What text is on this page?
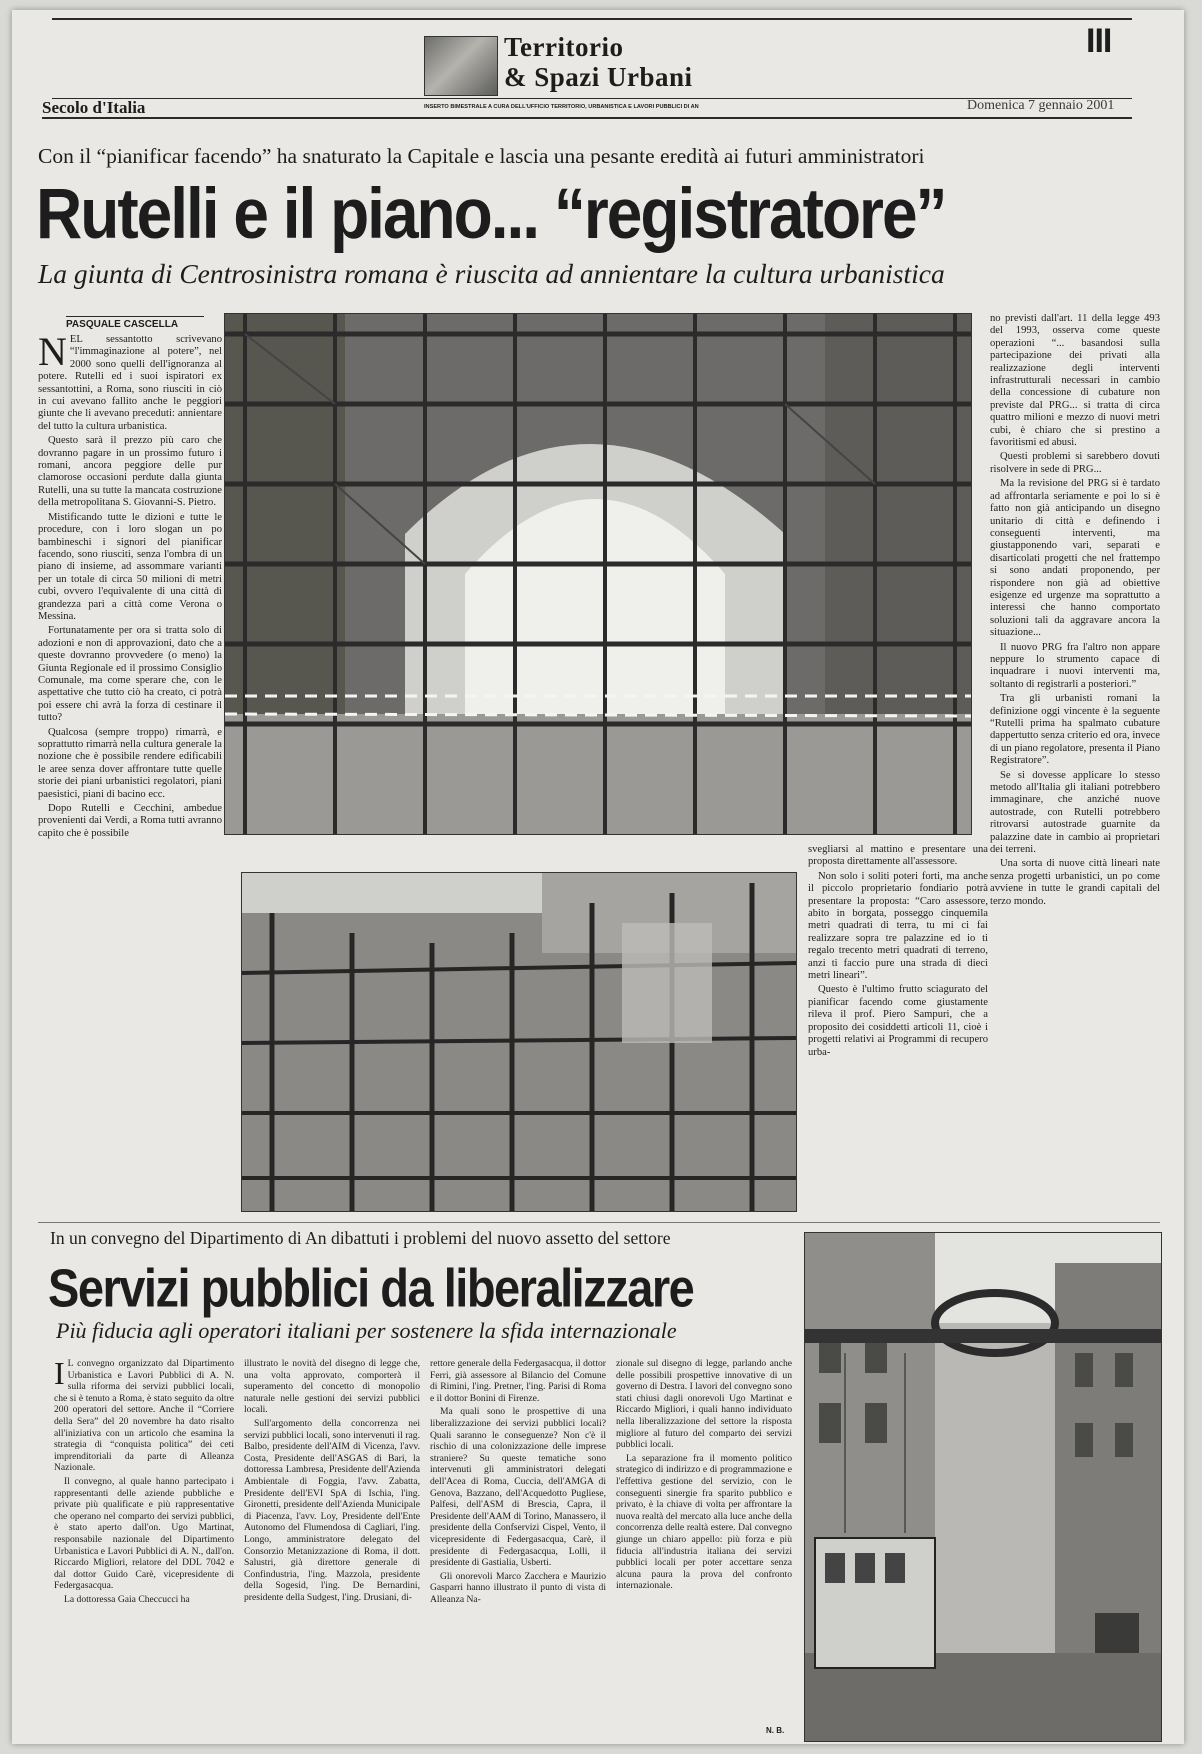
Territorio
& Spazi Urbani
III
Secolo d'Italia	INSERTO BIMESTRALE A CURA DELL'UFFICIO TERRITORIO, URBANISTICA E LAVORI PUBBLICI DI AN	Domenica 7 gennaio 2001
Con il “pianificar facendo” ha snaturato la Capitale e lascia una pesante eredità ai futuri amministratori
Rutelli e il piano... “registratore”
La giunta di Centrosinistra romana è riuscita ad annientare la cultura urbanistica
PASQUALE CASCELLA

NEL sessantotto scrivevano “l'immaginazione al potere”, nel 2000 sono quelli dell'ignoranza al potere. Rutelli ed i suoi ispiratori ex sessantottini, a Roma, sono riusciti in ciò in cui avevano fallito anche le peggiori giunte che li avevano preceduti: annientare del tutto la cultura urbanistica.

Questo sarà il prezzo più caro che dovranno pagare in un prossimo futuro i romani, ancora peggiore delle pur clamorose occasioni perdute dalla giunta Rutelli, una su tutte la mancata costruzione della metropolitana S. Giovanni-S. Pietro.

Mistificando tutte le dizioni e tutte le procedure, con i loro slogan un po bambineschi i signori del pianificar facendo, sono riusciti, senza l'ombra di un piano di insieme, ad assommare varianti per un totale di circa 50 milioni di metri cubi, ovvero l'equivalente di una città di grandezza pari a città come Verona o Messina.

Fortunatamente per ora si tratta solo di adozioni e non di approvazioni, dato che a queste dovranno provvedere (o meno) la Giunta Regionale ed il prossimo Consiglio Comunale, ma come sperare che, con le aspettative che tutto ciò ha creato, ci potrà poi essere chi avrà la forza di cestinare il tutto?

Qualcosa (sempre troppo) rimarrà, e soprattutto rimarrà nella cultura generale la nozione che è possibile rendere edificabili le aree senza dover affrontare tutte quelle storie dei piani urbanistici regolatori, piani paesistici, piani di bacino ecc.

Dopo Rutelli e Cecchini, ambedue provenienti dai Verdi, a Roma tutti avranno capito che è possibile

svegliarsi al mattino e presentare una proposta direttamente all'assessore.

Non solo i soliti poteri forti, ma anche il piccolo proprietario fondiario potrà presentare la proposta: “Caro assessore, abito in borgata, posseggo cinquemila metri quadrati di terra, tu mi ci fai realizzare sopra tre palazzine ed io ti regalo trecento metri quadrati di terreno, anzi ti faccio pure una strada di dieci metri lineari”.

Questo è l'ultimo frutto sciagurato del pianificar facendo come giustamente rileva il prof. Piero Sampuri, che a proposito dei cosiddetti articoli 11, cioè i progetti relativi ai Programmi di recupero urba-

no previsti dall'art. 11 della legge 493 del 1993, osserva come queste operazioni “... basandosi sulla partecipazione dei privati alla realizzazione degli interventi infrastrutturali necessari in cambio della concessione di cubature non previste dal PRG... si tratta di circa quattro milioni e mezzo di nuovi metri cubi, è chiaro che si prestino a favoritismi ed abusi.

Questi problemi si sarebbero dovuti risolvere in sede di PRG...

Ma la revisione del PRG si è tardato ad affrontarla seriamente e poi lo si è fatto non già anticipando un disegno unitario di città e definendo i conseguenti interventi, ma giustapponendo vari, separati e disarticolati progetti che nel frattempo si sono andati proponendo, per rispondere non già ad obiettive esigenze ed urgenze ma soprattutto a interessi che hanno comportato soluzioni tali da aggravare ancora la situazione...

Il nuovo PRG fra l'altro non appare neppure lo strumento capace di inquadrare i nuovi interventi ma, soltanto di registrarli a posteriori.”

Tra gli urbanisti romani la definizione oggi vincente è la seguente “Rutelli prima ha spalmato cubature dappertutto senza criterio ed ora, invece di un piano regolatore, presenta il Piano Registratore”.

Se si dovesse applicare lo stesso metodo all'Italia gli italiani potrebbero immaginare, che anziché nuove autostrade, con Rutelli potrebbero ritrovarsi autostrade guarnite da palazzine date in cambio ai proprietari dei terreni.

Una sorta di nuove città lineari nate senza progetti urbanistici, un po come avviene in tutte le grandi capitali del terzo mondo.

In un convegno del Dipartimento di An dibattuti i problemi del nuovo assetto del settore
Servizi pubblici da liberalizzare
Più fiducia agli operatori italiani per sostenere la sfida internazionale

I L convegno organizzato dal Dipartimento Urbanistica e Lavori Pubblici di A. N. sulla riforma dei servizi pubblici locali, che si è tenuto a Roma, è stato seguito da oltre 200 operatori del settore. Anche il “Corriere della Sera” del 20 novembre ha dato risalto all'iniziativa con un articolo che esamina la strategia di “conquista politica” dei ceti imprenditoriali da parte di Alleanza Nazionale.

Il convegno, al quale hanno partecipato i rappresentanti delle aziende pubbliche e private più qualificate e più rappresentative che operano nel comparto dei servizi pubblici, è stato aperto dall'on. Ugo Martinat, responsabile nazionale del Dipartimento Urbanistica e Lavori Pubblici di A. N., dall'on. Riccardo Migliori, relatore del DDL 7042 e dal dottor Guido Carè, vicepresidente di Federgasacqua.

La dottoressa Gaia Checcucci ha

illustrato le novità del disegno di legge che, una volta approvato, comporterà il superamento del concetto di monopolio naturale nelle gestioni dei servizi pubblici locali.

Sull'argomento della concorrenza nei servizi pubblici locali, sono intervenuti il rag. Balbo, presidente dell'AIM di Vicenza, l'avv. Costa, Presidente dell'ASGAS di Bari, la dottoressa Lambresa, Presidente dell'Azienda Ambientale di Foggia, l'avv. Zabatta, Presidente dell'EVI SpA di Ischia, l'ing. Gironetti, presidente dell'Azienda Municipale di Piacenza, l'avv. Loy, Presidente dell'Ente Autonomo del Flumendosa di Cagliari, l'ing. Longo, amministratore delegato del Consorzio Metanizzazione di Roma, il dott. Salustri, già direttore generale di Confindustria, l'ing. Mazzola, presidente della Sogesid, l'ing. De Bernardini, presidente della Sudgest, l'ing. Drusiani, di-

rettore generale della Federgasacqua, il dottor Ferri, già assessore al Bilancio del Comune di Rimini, l'ing. Pretner, l'ing. Parisi di Roma e il dottor Bonini di Firenze.

Ma quali sono le prospettive di una liberalizzazione dei servizi pubblici locali? Quali saranno le conseguenze? Non c'è il rischio di una colonizzazione delle imprese straniere? Su queste tematiche sono intervenuti gli amministratori delegati dell'Acea di Roma, Cuccia, dell'AMGA di Genova, Bazzano, dell'Acquedotto Pugliese, Palfesi, dell'ASM di Brescia, Capra, il Presidente dell'AAM di Torino, Manassero, il presidente della Confservizi Cispel, Vento, il vicepresidente di Federgasacqua, Carè, il presidente di Federgasacqua, Lolli, il presidente di Gastialia, Usberti.

Gli onorevoli Marco Zacchera e Maurizio Gasparri hanno illustrato il punto di vista di Alleanza Na-

zionale sul disegno di legge, parlando anche delle possibili prospettive innovative di un governo di Destra. I lavori del convegno sono stati chiusi dagli onorevoli Ugo Martinat e Riccardo Migliori, i quali hanno individuato nella liberalizzazione del settore la risposta migliore al futuro del comparto dei servizi pubblici locali.

La separazione fra il momento politico strategico di indirizzo e di programmazione e l'effettiva gestione del servizio, con le conseguenti sinergie fra sparito pubblico e privato, è la chiave di volta per affrontare la nuova realtà del mercato alla luce anche della concorrenza delle realtà estere. Dal convegno giunge un chiaro appello: più forza e più fiducia all'industria italiana dei servizi pubblici locali per poter accettare senza alcuna paura la prova del confronto internazionale.

N. B.
